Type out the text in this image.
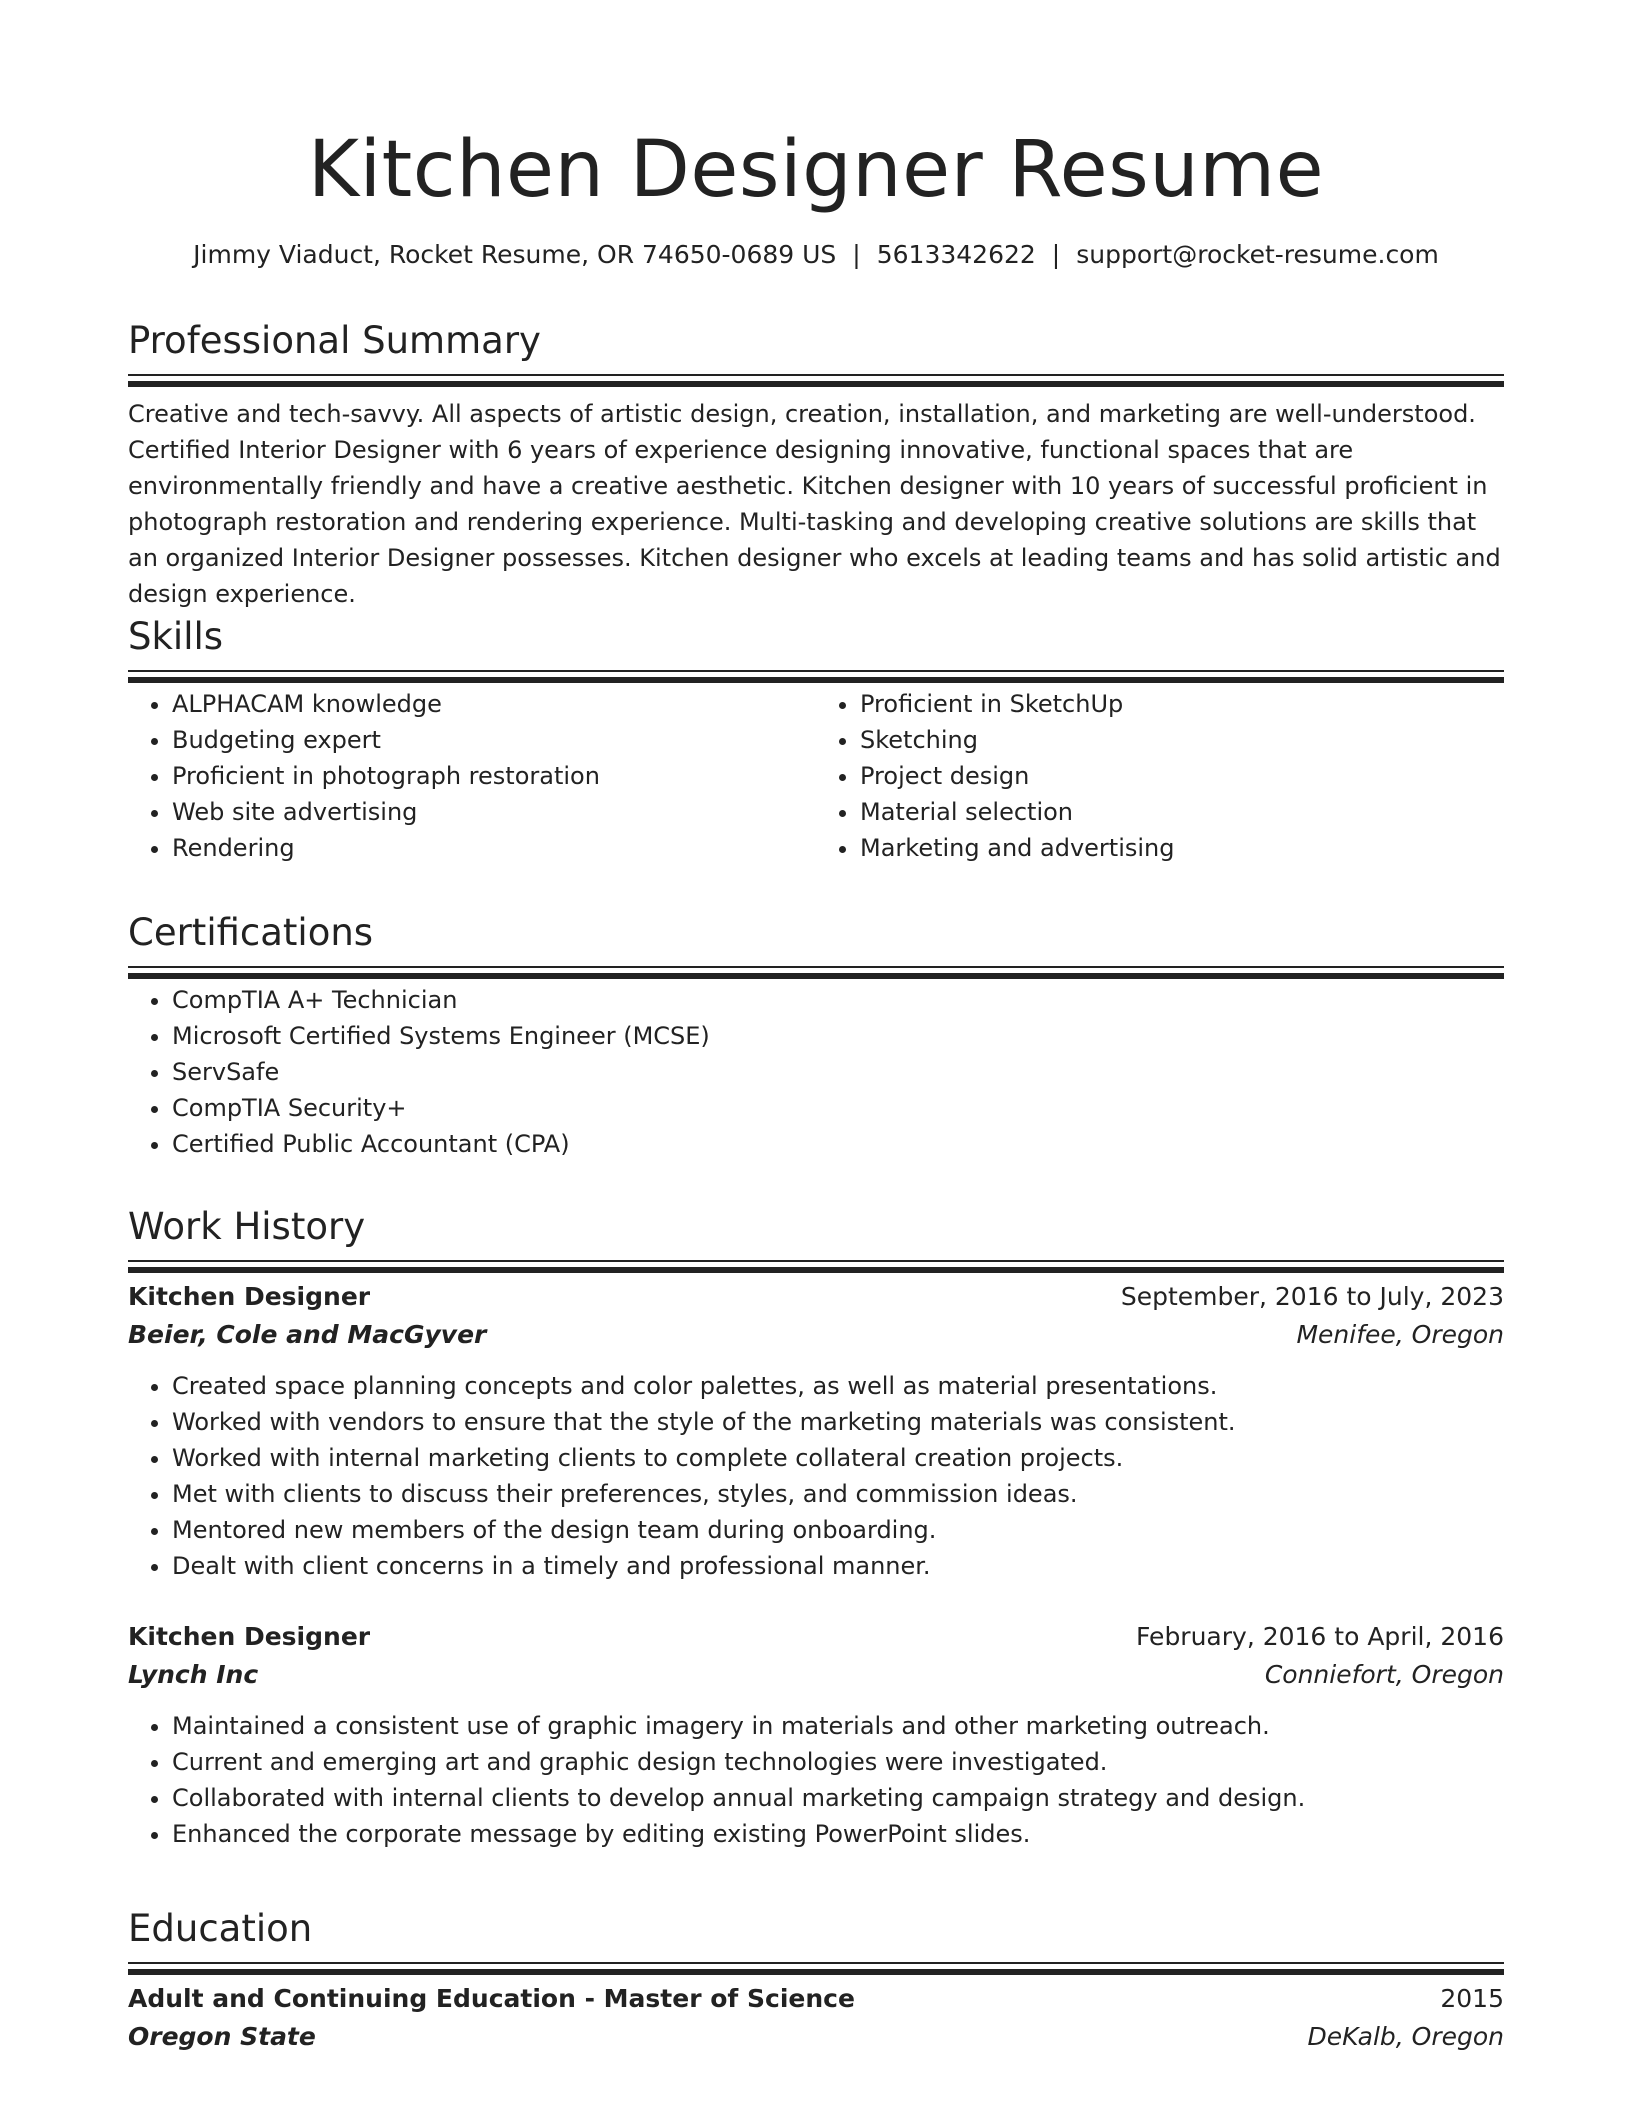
Kitchen Designer Resume
Jimmy Viaduct, Rocket Resume, OR 74650-0689 US | 5613342622 | support@rocket-resume.com
Professional Summary
Creative and tech-savvy. All aspects of artistic design, creation, installation, and marketing are well-understood. Certified Interior Designer with 6 years of experience designing innovative, functional spaces that are environmentally friendly and have a creative aesthetic. Kitchen designer with 10 years of successful proficient in photograph restoration and rendering experience. Multi-tasking and developing creative solutions are skills that an organized Interior Designer possesses. Kitchen designer who excels at leading teams and has solid artistic and design experience.
Skills
• ALPHACAM knowledge
• Budgeting expert
• Proficient in photograph restoration
• Web site advertising
• Rendering
• Proficient in SketchUp
• Sketching
• Project design
• Material selection
• Marketing and advertising
Certifications
• CompTIA A+ Technician
• Microsoft Certified Systems Engineer (MCSE)
• ServSafe
• CompTIA Security+
• Certified Public Accountant (CPA)
Work History
Kitchen Designer	September, 2016 to July, 2023
Beier, Cole and MacGyver	Menifee, Oregon
• Created space planning concepts and color palettes, as well as material presentations.
• Worked with vendors to ensure that the style of the marketing materials was consistent.
• Worked with internal marketing clients to complete collateral creation projects.
• Met with clients to discuss their preferences, styles, and commission ideas.
• Mentored new members of the design team during onboarding.
• Dealt with client concerns in a timely and professional manner.
Kitchen Designer	February, 2016 to April, 2016
Lynch Inc	Conniefort, Oregon
• Maintained a consistent use of graphic imagery in materials and other marketing outreach.
• Current and emerging art and graphic design technologies were investigated.
• Collaborated with internal clients to develop annual marketing campaign strategy and design.
• Enhanced the corporate message by editing existing PowerPoint slides.
Education
Adult and Continuing Education - Master of Science	2015
Oregon State	DeKalb, Oregon
